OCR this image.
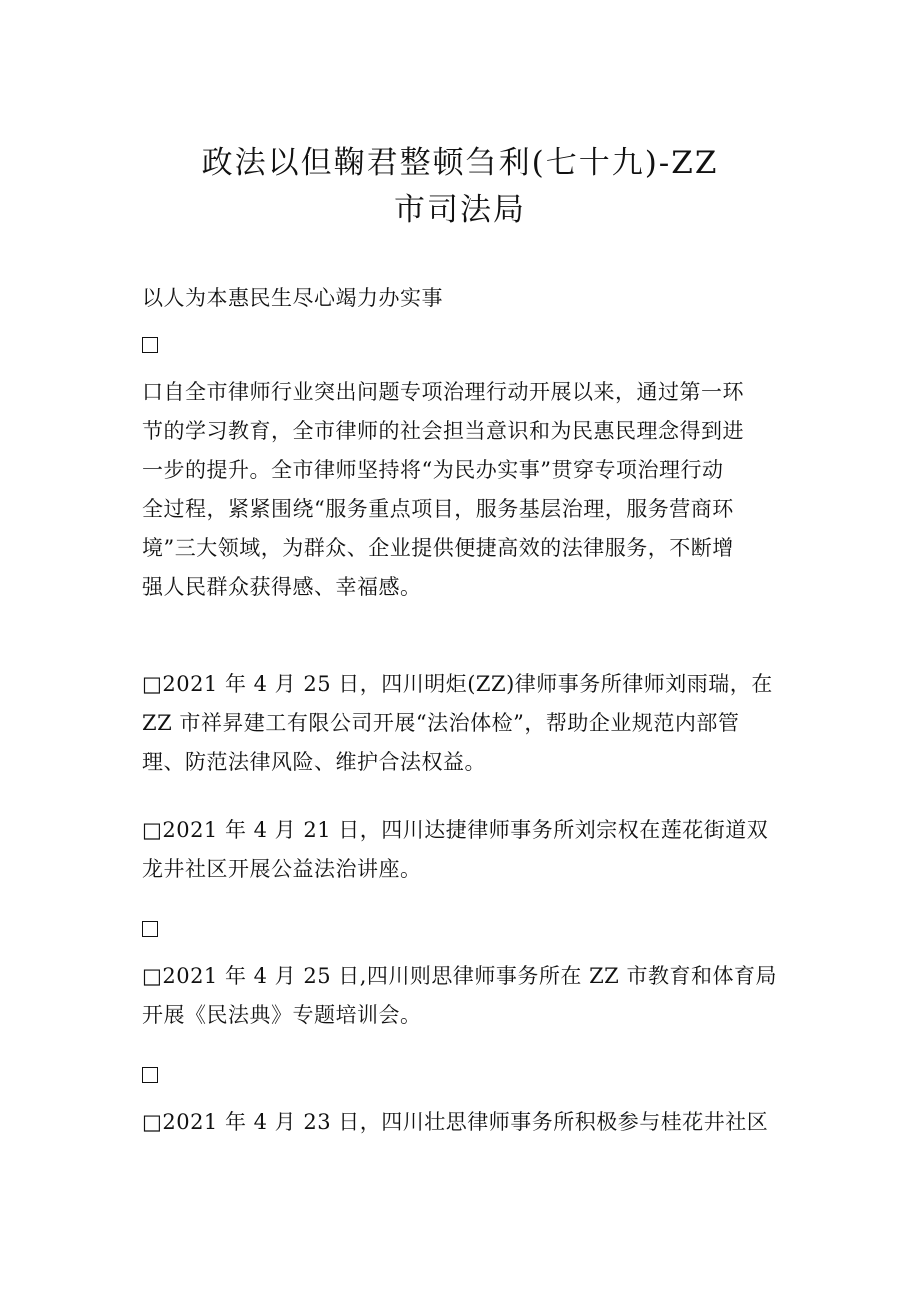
政法以但鞠君整顿刍利(七十九)-ZZ
市司法局
以人为本惠民生尽心竭力办实事
口自全市律师行业突出问题专项治理行动开展以来，通过第一环
节的学习教育，全市律师的社会担当意识和为民惠民理念得到进
一步的提升。全市律师坚持将“为民办实事”贯穿专项治理行动
全过程，紧紧围绕“服务重点项目，服务基层治理，服务营商环
境”三大领域，为群众、企业提供便捷高效的法律服务，不断增
强人民群众获得感、幸福感。
□2021 年 4 月 25 日，四川明炬(ZZ)律师事务所律师刘雨瑞，在
ZZ 市祥昇建工有限公司开展“法治体检”，帮助企业规范内部管
理、防范法律风险、维护合法权益。
□2021 年 4 月 21 日，四川达捷律师事务所刘宗权在莲花街道双
龙井社区开展公益法治讲座。
□2021 年 4 月 25 日,四川则思律师事务所在 ZZ 市教育和体育局
开展《民法典》专题培训会。
□2021 年 4 月 23 日，四川壮思律师事务所积极参与桂花井社区
